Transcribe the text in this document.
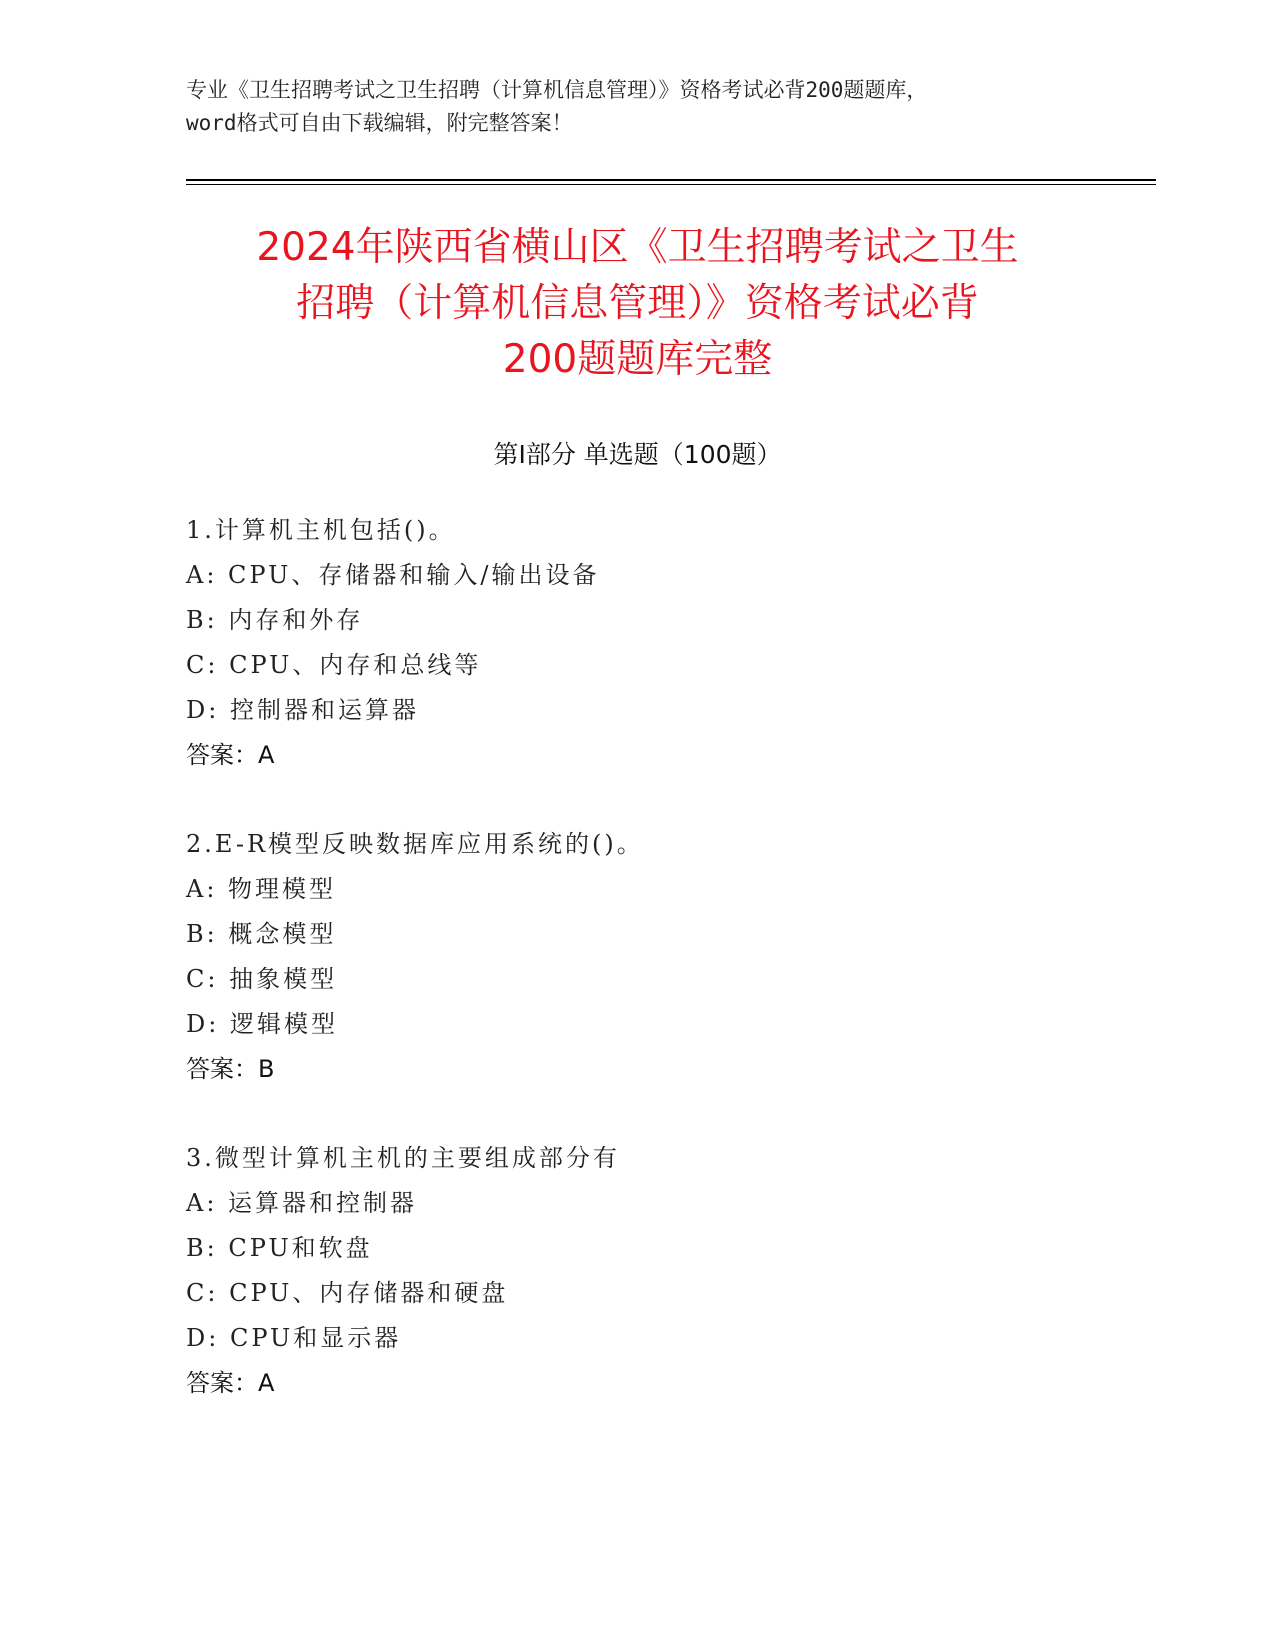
专业《卫生招聘考试之卫生招聘（计算机信息管理）》资格考试必背200题题库，
word格式可自由下载编辑，附完整答案！
2024年陕西省横山区《卫生招聘考试之卫生
招聘（计算机信息管理）》资格考试必背
200题题库完整
第I部分 单选题（100题）
1.计算机主机包括()。
A: CPU、存储器和输入/输出设备
B: 内存和外存
C: CPU、内存和总线等
D: 控制器和运算器
答案：A
2.E-R模型反映数据库应用系统的()。
A: 物理模型
B: 概念模型
C: 抽象模型
D: 逻辑模型
答案：B
3.微型计算机主机的主要组成部分有
A: 运算器和控制器
B: CPU和软盘
C: CPU、内存储器和硬盘
D: CPU和显示器
答案：A
